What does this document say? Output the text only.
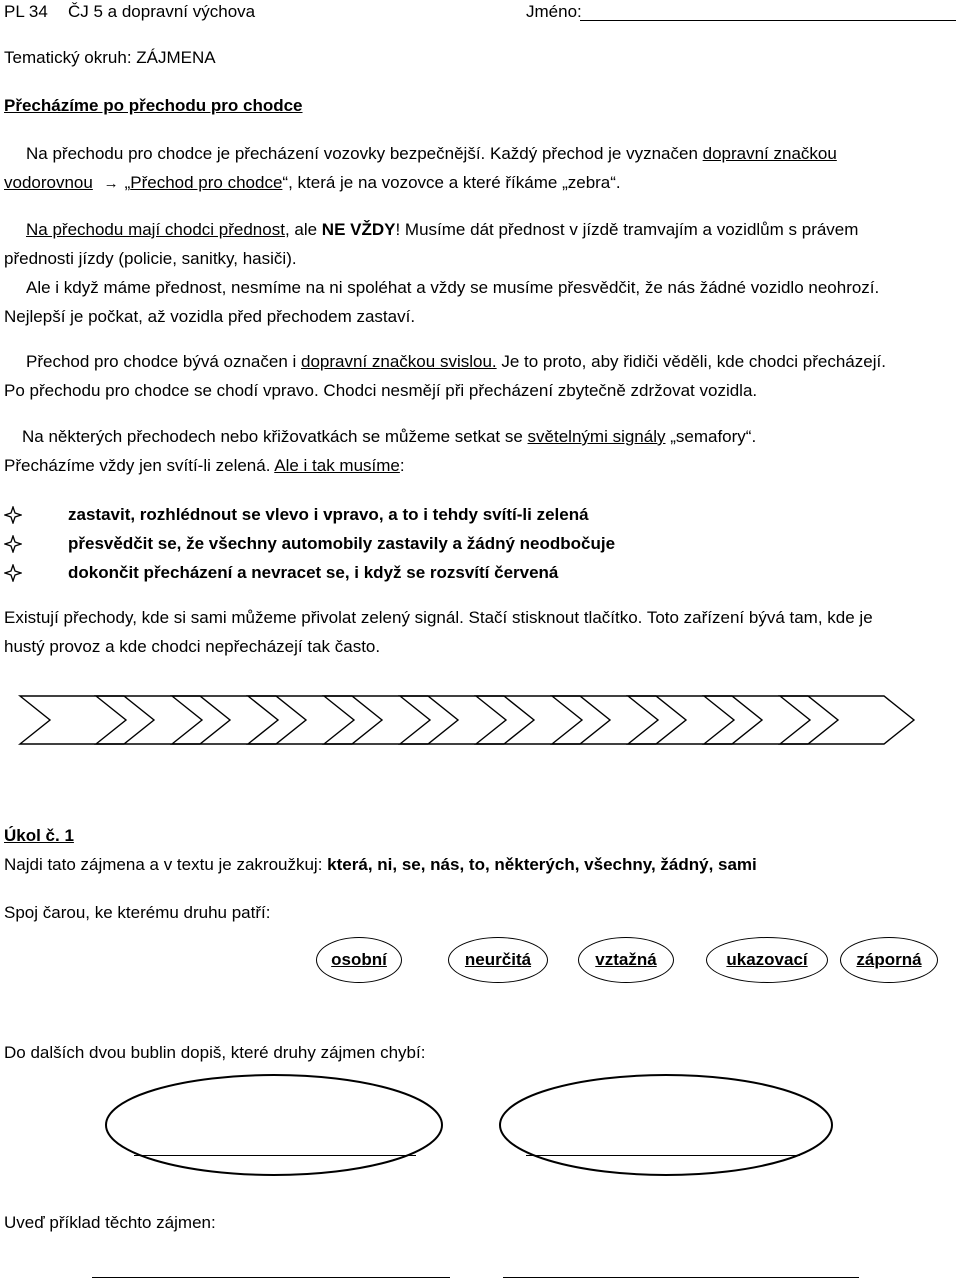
PL 34 ČJ 5 a dopravní výchova	Jméno:
Tematický okruh: ZÁJMENA
Přecházíme po přechodu pro chodce
Na přechodu pro chodce je přecházení vozovky bezpečnější. Každý přechod je vyznačen dopravní značkou
vodorovnou → „Přechod pro chodce“, která je na vozovce a které říkáme „zebra“.
Na přechodu mají chodci přednost, ale NE VŽDY! Musíme dát přednost v jízdě tramvajím a vozidlům s právem
přednosti jízdy (policie, sanitky, hasiči).
Ale i když máme přednost, nesmíme na ni spoléhat a vždy se musíme přesvědčit, že nás žádné vozidlo neohrozí.
Nejlepší je počkat, až vozidla před přechodem zastaví.
Přechod pro chodce bývá označen i dopravní značkou svislou. Je to proto, aby řidiči věděli, kde chodci přecházejí.
Po přechodu pro chodce se chodí vpravo. Chodci nesmějí při přecházení zbytečně zdržovat vozidla.
Na některých přechodech nebo křižovatkách se můžeme setkat se světelnými signály „semafory“.
Přecházíme vždy jen svítí-li zelená. Ale i tak musíme:
zastavit, rozhlédnout se vlevo i vpravo, a to i tehdy svítí-li zelená
přesvědčit se, že všechny automobily zastavily a žádný neodbočuje
dokončit přecházení a nevracet se, i když se rozsvítí červená
Existují přechody, kde si sami můžeme přivolat zelený signál. Stačí stisknout tlačítko. Toto zařízení bývá tam, kde je
hustý provoz a kde chodci nepřecházejí tak často.
Úkol č. 1
Najdi tato zájmena a v textu je zakroužkuj: která, ni, se, nás, to, některých, všechny, žádný, sami
Spoj čarou, ke kterému druhu patří:
osobní	neurčitá	vztažná	ukazovací	záporná
Do dalších dvou bublin dopiš, které druhy zájmen chybí:
Uveď příklad těchto zájmen:
